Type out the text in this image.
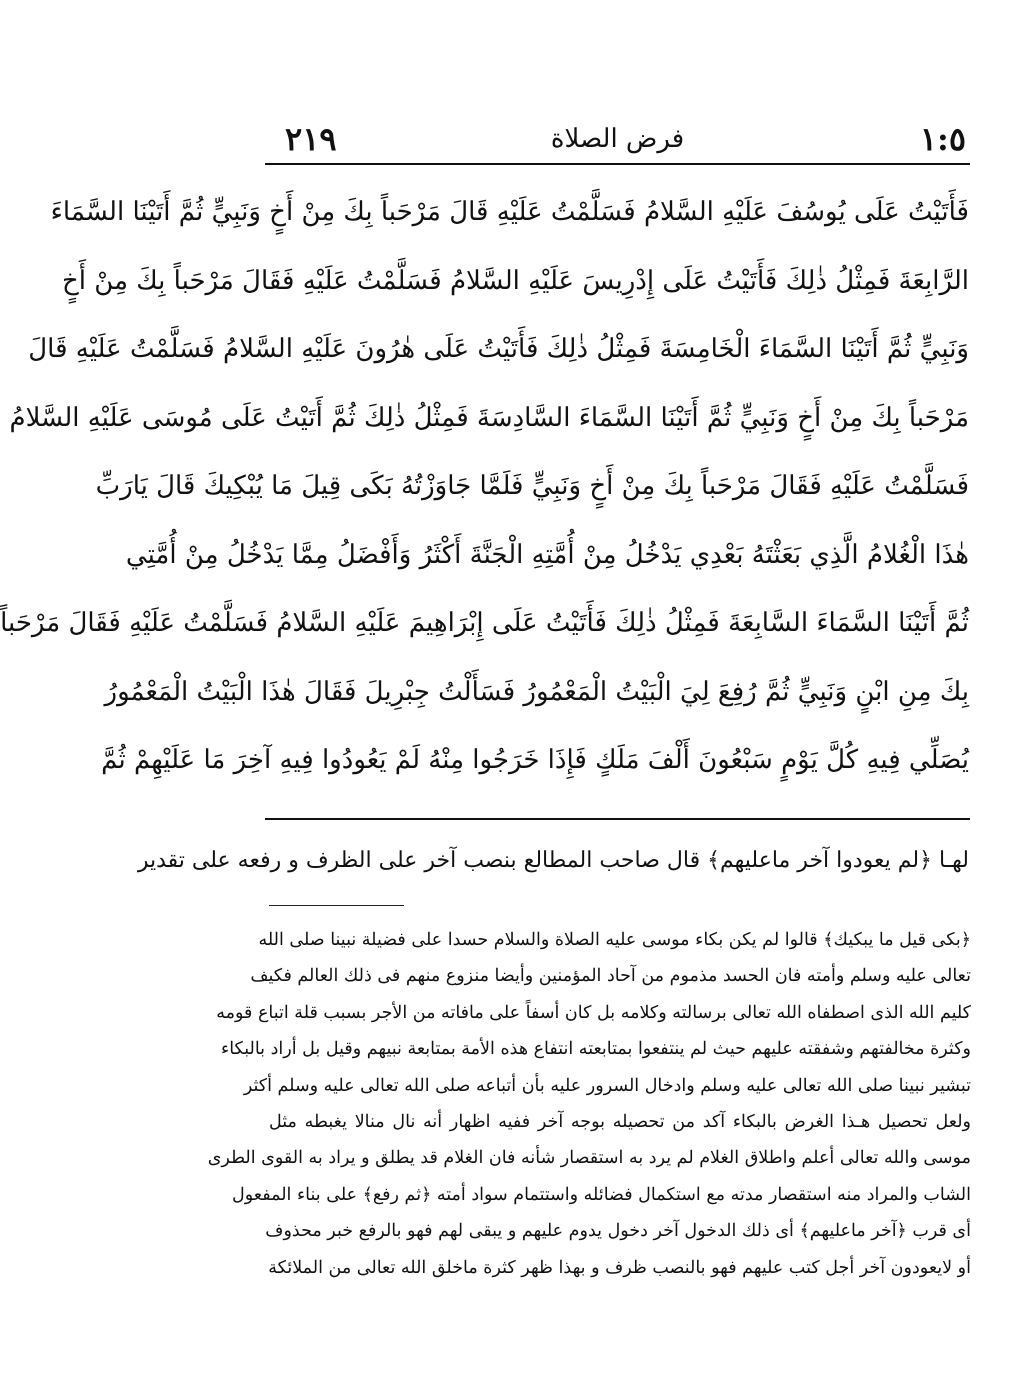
٢١٩	فرض الصلاة	١:٥
فَأَتَيْتُ عَلَى يُوسُفَ عَلَيْهِ السَّلامُ فَسَلَّمْتُ عَلَيْهِ قَالَ مَرْحَباً بِكَ مِنْ أَخٍ وَنَبِيٍّ ثُمَّ أَتَيْنَا السَّمَاءَ
الرَّابِعَةَ فَمِثْلُ ذٰلِكَ فَأَتَيْتُ عَلَى إِدْرِيسَ عَلَيْهِ السَّلامُ فَسَلَّمْتُ عَلَيْهِ فَقَالَ مَرْحَباً بِكَ مِنْ أَخٍ
وَنَبِيٍّ ثُمَّ أَتَيْنَا السَّمَاءَ الْخَامِسَةَ فَمِثْلُ ذٰلِكَ فَأَتَيْتُ عَلَى هٰرُونَ عَلَيْهِ السَّلامُ فَسَلَّمْتُ عَلَيْهِ قَالَ
مَرْحَباً بِكَ مِنْ أَخٍ وَنَبِيٍّ ثُمَّ أَتَيْنَا السَّمَاءَ السَّادِسَةَ فَمِثْلُ ذٰلِكَ ثُمَّ أَتَيْتُ عَلَى مُوسَى عَلَيْهِ السَّلامُ
فَسَلَّمْتُ عَلَيْهِ فَقَالَ مَرْحَباً بِكَ مِنْ أَخٍ وَنَبِيٍّ فَلَمَّا جَاوَزْتُهُ بَكَى قِيلَ مَا يُبْكِيكَ قَالَ يَارَبِّ
هٰذَا الْغُلامُ الَّذِي بَعَثْتَهُ بَعْدِي يَدْخُلُ مِنْ أُمَّتِهِ الْجَنَّةَ أَكْثَرُ وَأَفْضَلُ مِمَّا يَدْخُلُ مِنْ أُمَّتِي
ثُمَّ أَتَيْنَا السَّمَاءَ السَّابِعَةَ فَمِثْلُ ذٰلِكَ فَأَتَيْتُ عَلَى إِبْرَاهِيمَ عَلَيْهِ السَّلامُ فَسَلَّمْتُ عَلَيْهِ فَقَالَ مَرْحَباً
بِكَ مِنِ ابْنٍ وَنَبِيٍّ ثُمَّ رُفِعَ لِيَ الْبَيْتُ الْمَعْمُورُ فَسَأَلْتُ جِبْرِيلَ فَقَالَ هٰذَا الْبَيْتُ الْمَعْمُورُ
يُصَلِّي فِيهِ كُلَّ يَوْمٍ سَبْعُونَ أَلْفَ مَلَكٍ فَإِذَا خَرَجُوا مِنْهُ لَمْ يَعُودُوا فِيهِ آخِرَ مَا عَلَيْهِمْ ثُمَّ
لهـا ﴿لم يعودوا آخر ماعليهم﴾ قال صاحب المطالع بنصب آخر على الظرف و رفعه على تقدير
﴿بكى قيل ما يبكيك﴾ قالوا لم يكن بكاء موسى عليه الصلاة والسلام حسدا على فضيلة نبينا صلى الله
تعالى عليه وسلم وأمته فان الحسد مذموم من آحاد المؤمنين وأيضا منزوع منهم فى ذلك العالم فكيف
كليم الله الذى اصطفاه الله تعالى برسالته وكلامه بل كان أسفاً على مافاته من الأجر بسبب قلة اتباع قومه
وكثرة مخالفتهم وشفقته عليهم حيث لم ينتفعوا بمتابعته انتفاع هذه الأمة بمتابعة نبيهم وقيل بل أراد بالبكاء
تبشير نبينا صلى الله تعالى عليه وسلم وادخال السرور عليه بأن أتباعه صلى الله تعالى عليه وسلم أكثر
ولعل تحصيل هـذا الغرض بالبكاء آكد من تحصيله بوجه آخر ففيه اظهار أنه نال منالا يغبطه مثل
موسى والله تعالى أعلم واطلاق الغلام لم يرد به استقصار شأنه فان الغلام قد يطلق و يراد به القوى الطرى
الشاب والمراد منه استقصار مدته مع استكمال فضائله واستتمام سواد أمته ﴿ثم رفع﴾ على بناء المفعول
أى قرب ﴿آخر ماعليهم﴾ أى ذلك الدخول آخر دخول يدوم عليهم و يبقى لهم فهو بالرفع خبر محذوف
أو لايعودون آخر أجل كتب عليهم فهو بالنصب ظرف و بهذا ظهر كثرة ماخلق الله تعالى من الملائكة
